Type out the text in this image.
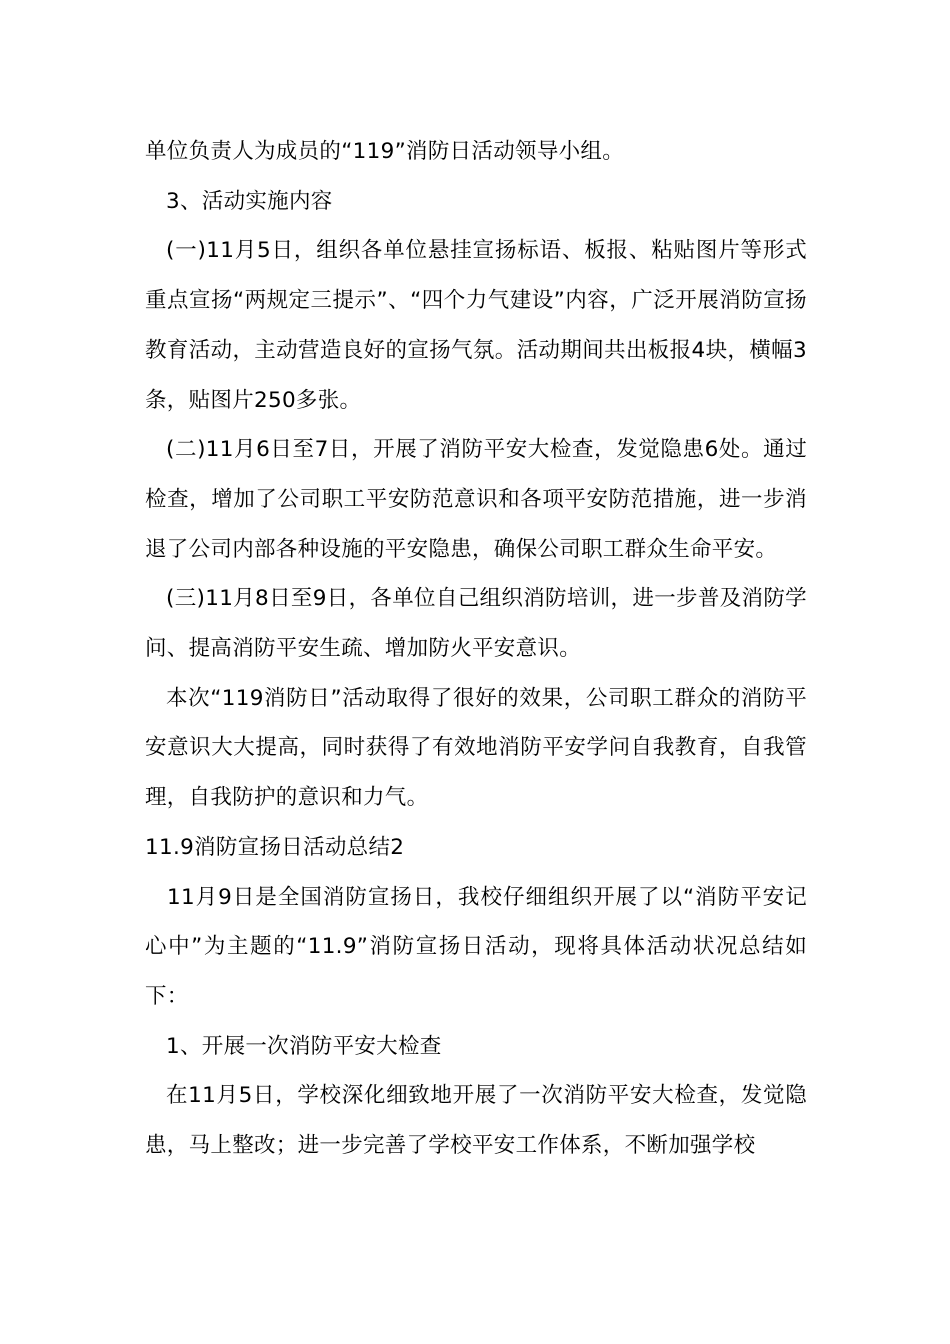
单位负责人为成员的“119”消防日活动领导小组。

3、活动实施内容

(一)11月5日，组织各单位悬挂宣扬标语、板报、粘贴图片等形式重点宣扬“两规定三提示”、“四个力气建设”内容，广泛开展消防宣扬教育活动，主动营造良好的宣扬气氛。活动期间共出板报4块，横幅3条，贴图片250多张。

(二)11月6日至7日，开展了消防平安大检查，发觉隐患6处。通过检查，增加了公司职工平安防范意识和各项平安防范措施，进一步消退了公司内部各种设施的平安隐患，确保公司职工群众生命平安。

(三)11月8日至9日，各单位自己组织消防培训，进一步普及消防学问、提高消防平安生疏、增加防火平安意识。

本次“119消防日”活动取得了很好的效果，公司职工群众的消防平安意识大大提高，同时获得了有效地消防平安学问自我教育，自我管理，自我防护的意识和力气。

11.9消防宣扬日活动总结2

11月9日是全国消防宣扬日，我校仔细组织开展了以“消防平安记心中”为主题的“11.9”消防宣扬日活动，现将具体活动状况总结如下：

1、开展一次消防平安大检查

在11月5日，学校深化细致地开展了一次消防平安大检查，发觉隐患，马上整改；进一步完善了学校平安工作体系，不断加强学校
